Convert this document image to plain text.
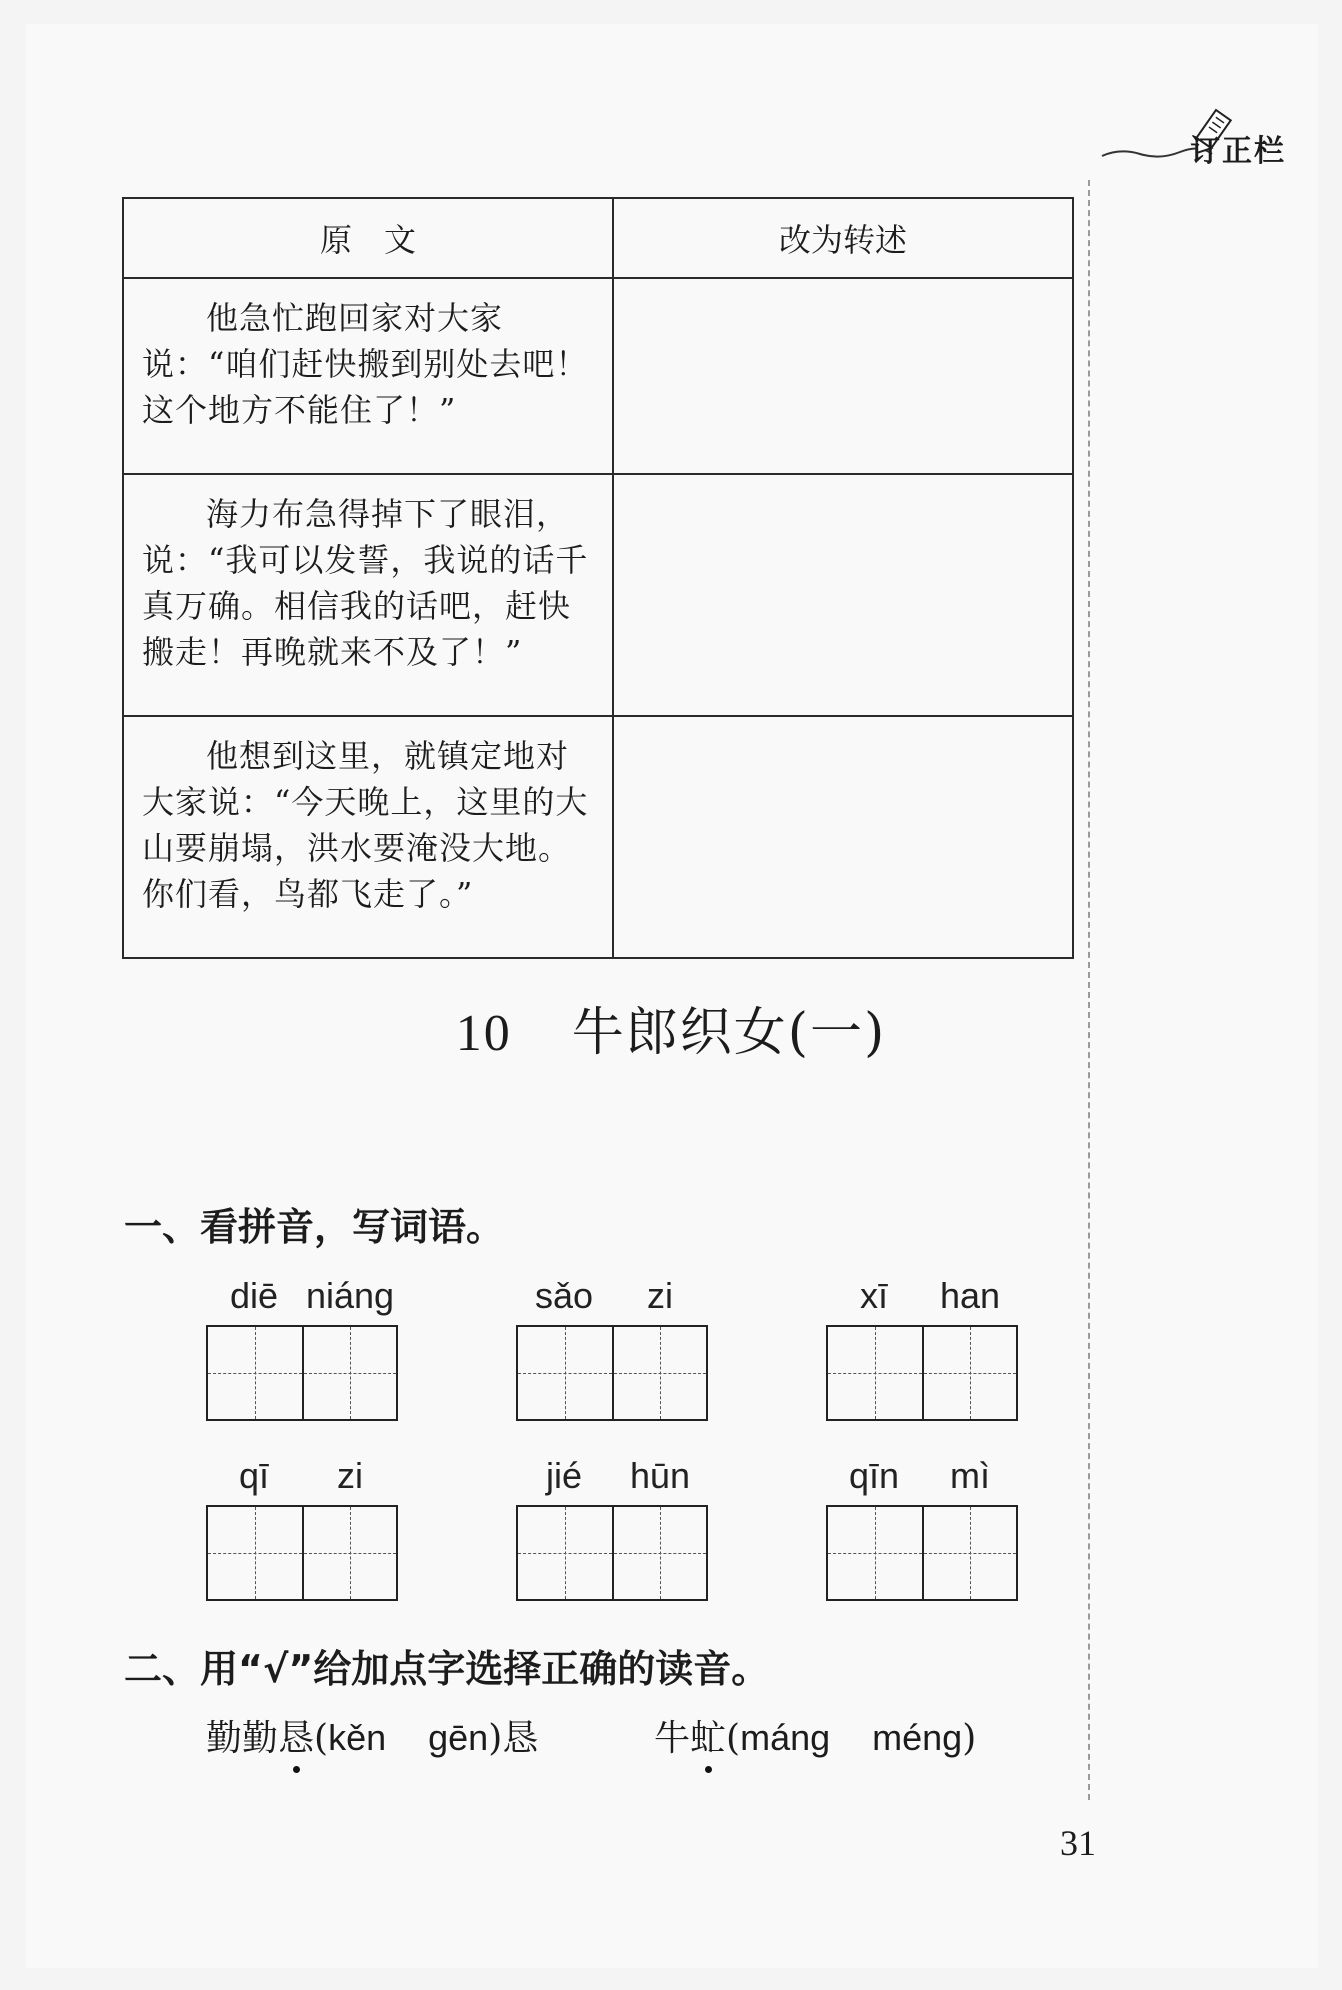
订正栏
原　文	改为转述
他急忙跑回家对大家说：“咱们赶快搬到别处去吧！这个地方不能住了！”	
海力布急得掉下了眼泪，说：“我可以发誓，我说的话千真万确。相信我的话吧，赶快搬走！再晚就来不及了！”	
他想到这里，就镇定地对大家说：“今天晚上，这里的大山要崩塌，洪水要淹没大地。你们看，鸟都飞走了。”	
10 牛郎织女(一)
一、看拼音，写词语。
diē niáng	sǎo	zi	xī	han
qī	zi	jié	hūn	qīn	mì
二、用“√”给加点字选择正确的读音。
勤勤恳(kěn gēn)恳	牛虻(máng méng)
31
